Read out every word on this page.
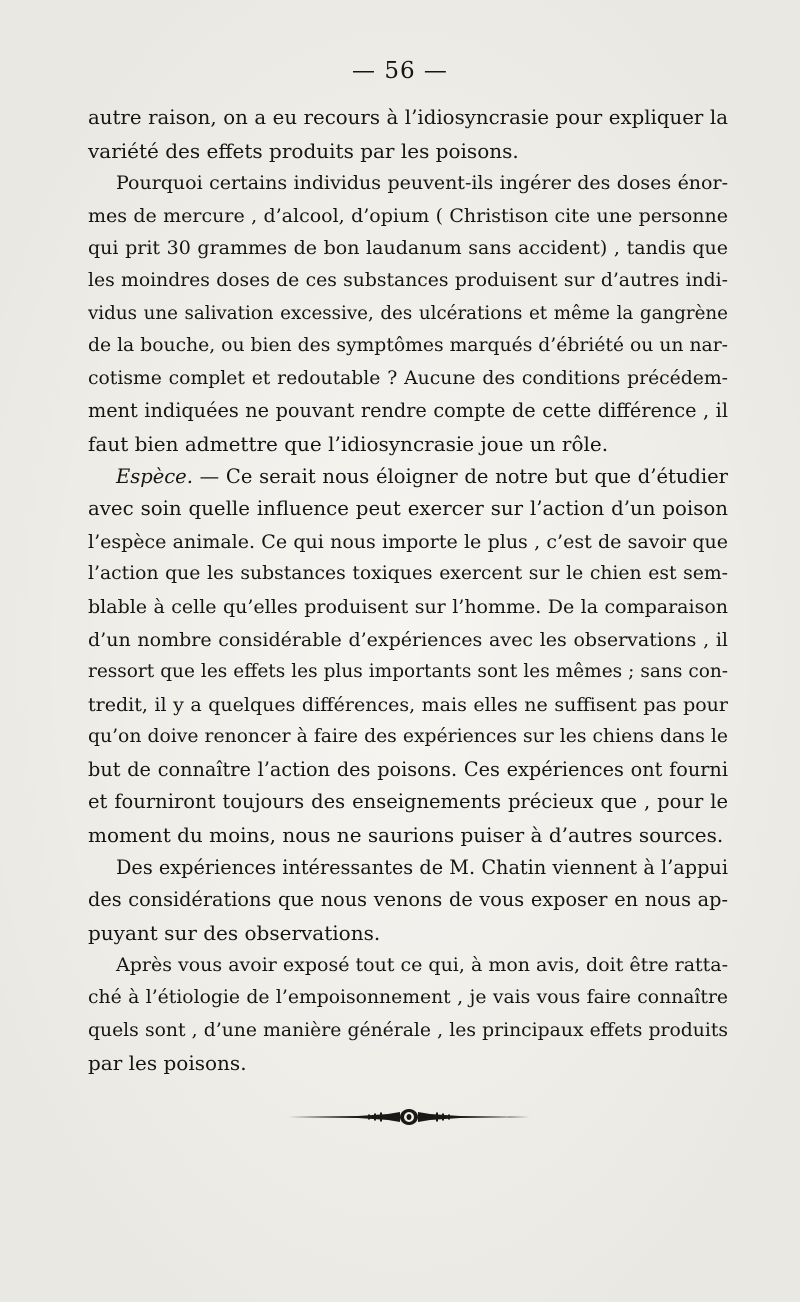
— 56 —
autre raison, on a eu recours à l’idiosyncrasie pour expliquer la
variété des effets produits par les poisons.
Pourquoi certains individus peuvent-ils ingérer des doses énor-
mes de mercure , d’alcool, d’opium ( Christison cite une personne
qui prit 30 grammes de bon laudanum sans accident) , tandis que
les moindres doses de ces substances produisent sur d’autres indi-
vidus une salivation excessive, des ulcérations et même la gangrène
de la bouche, ou bien des symptômes marqués d’ébriété ou un nar-
cotisme complet et redoutable ? Aucune des conditions précédem-
ment indiquées ne pouvant rendre compte de cette différence , il
faut bien admettre que l’idiosyncrasie joue un rôle.
Espèce. — Ce serait nous éloigner de notre but que d’étudier
avec soin quelle influence peut exercer sur l’action d’un poison
l’espèce animale. Ce qui nous importe le plus , c’est de savoir que
l’action que les substances toxiques exercent sur le chien est sem-
blable à celle qu’elles produisent sur l’homme. De la comparaison
d’un nombre considérable d’expériences avec les observations , il
ressort que les effets les plus importants sont les mêmes ; sans con-
tredit, il y a quelques différences, mais elles ne suffisent pas pour
qu’on doive renoncer à faire des expériences sur les chiens dans le
but de connaître l’action des poisons. Ces expériences ont fourni
et fourniront toujours des enseignements précieux que , pour le
moment du moins, nous ne saurions puiser à d’autres sources.
Des expériences intéressantes de M. Chatin viennent à l’appui
des considérations que nous venons de vous exposer en nous ap-
puyant sur des observations.
Après vous avoir exposé tout ce qui, à mon avis, doit être ratta-
ché à l’étiologie de l’empoisonnement , je vais vous faire connaître
quels sont , d’une manière générale , les principaux effets produits
par les poisons.
